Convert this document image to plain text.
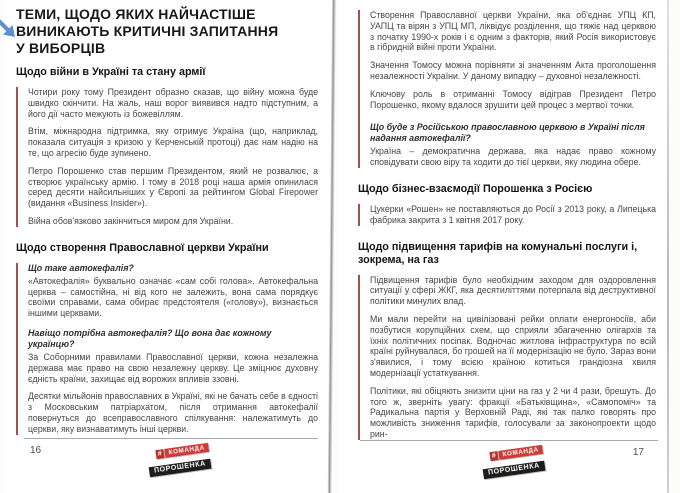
ТЕМИ, ЩОДО ЯКИХ НАЙЧАСТІШЕ ВИНИКАЮТЬ КРИТИЧНІ ЗАПИТАННЯ У ВИБОРЦІВ
Щодо війни в Україні та стану армії

Чотири року тому Президент образно сказав, що війну можна буде швидко скінчити. На жаль, наш ворог виявився надто підступним, а його дії часто межують із божевіллям.

Втім, міжнародна підтримка, яку отримує Україна (що, наприклад, показала ситуація з кризою у Керченській протоці) дає нам надію на те, що агресію буде зупинено.

Петро Порошенко став першим Президентом, який не розвалює, а створює українську армію. І тому в 2018 році наша армія опинилася серед десяти найсильніших у Європі за рейтингом Global Firepower (видання «Business Insider»).

Війна обов'язково закінчиться миром для України.

Щодо створення Православної церкви України

Що таке автокефалія?

«Автокефалія» буквально означає «сам собі голова». Автокефальна церква – самостійна, ні від кого не залежить, вона сама порядкує своїми справами, сама обирає предстоятеля («голову»), визнається іншими церквами.

Навіщо потрібна автокефалія? Що вона дає кожному українцю?

За Соборними правилами Православної церкви, кожна незалежна держава має право на свою незалежну церкву. Це зміцнює духовну єдність країни, захищає від ворожих впливів ззовні.

Десятки мільйонів православних в Україні, які не бачать себе в єдності з Московським патріархатом, після отримання автокефалії повернуться до всеправославного спілкування: належатимуть до церкви, яку визнаватимуть інші церкви.

16	# КОМАНДА
ПОРОШЕНКА

Створення Православної церкви України, яка об'єднає УПЦ КП, УАПЦ та вірян з УПЦ МП, ліквідує розділення, що тяжіє над церквою з початку 1990-х років і є одним з факторів, який Росія використовує в гібридній війні проти України.

Значення Томосу можна порівняти зі значенням Акта проголошення незалежності України. У даному випадку – духовної незалежності.

Ключову роль в отриманні Томосу відіграв Президент Петро Порошенко, якому вдалося зрушити цей процес з мертвої точки.

Що буде з Російською православною церквою в Україні після надання автокефалії?

Україна – демократична держава, яка надає право кожному сповідувати свою віру та ходити до тієї церкви, яку людина обере.

Щодо бізнес-взаємодії Порошенка з Росією

Цукерки «Рошен» не поставляються до Росії з 2013 року, а Липецька фабрика закрита з 1 квітня 2017 року.

Щодо підвищення тарифів на комунальні послуги і, зокрема, на газ

Підвищення тарифів було необхідним заходом для оздоровлення ситуації у сфері ЖКГ, яка десятиліттями потерпала від деструктивної політики минулих влад.

Ми мали перейти на цивілізовані рейки оплати енергоносіїв, аби позбутися корупційних схем, що сприяли збагаченню олігархів та їхніх політичних посіпак. Водночас житлова інфраструктура по всій країні руйнувалася, бо грошей на її модернізацію не було. Зараз вони з'явилися, і тому всією країною котиться грандіозна хвиля модернізації устаткування.

Політики, які обіцяють знизити ціни на газ у 2 чи 4 рази, брешуть. До того ж, зверніть увагу: фракції «Батьківщина», «Самопоміч» та Радикальна партія у Верховній Раді, які так палко говорять про можливість зниження тарифів, голосували за законопроекти щодо рин-

17
# КОМАНДА
ПОРОШЕНКА
